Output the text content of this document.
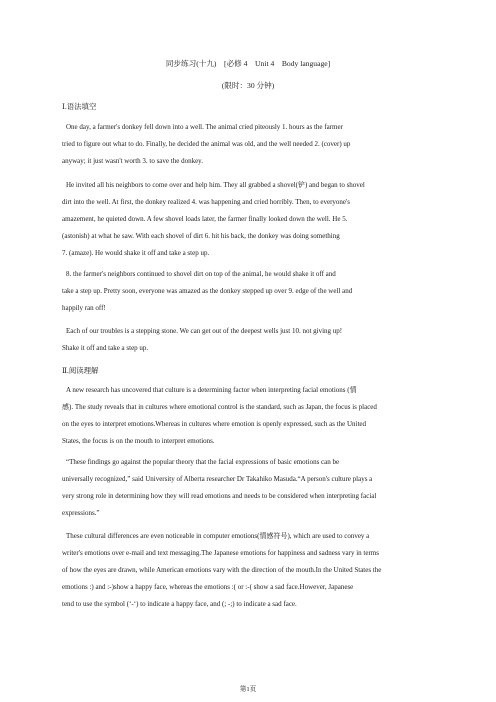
同步练习(十九)　[必修 4　Unit 4　Body language]
(限时：30 分钟)
Ⅰ.语法填空
One day, a farmer's donkey fell down into a well. The animal cried piteously 1. hours as the farmer
tried to figure out what to do. Finally, he decided the animal was old, and the well needed 2. (cover) up
anyway; it just wasn't worth 3. to save the donkey.
He invited all his neighbors to come over and help him. They all grabbed a shovel(铲) and began to shovel
dirt into the well. At first, the donkey realized 4. was happening and cried horribly. Then, to everyone's
amazement, he quieted down. A few shovel loads later, the farmer finally looked down the well. He 5.
(astonish) at what he saw. With each shovel of dirt 6. hit his back, the donkey was doing something
7. (amaze). He would shake it off and take a step up.
8. the farmer's neighbors continued to shovel dirt on top of the animal, he would shake it off and
take a step up. Pretty soon, everyone was amazed as the donkey stepped up over 9. edge of the well and
happily ran off!
Each of our troubles is a stepping stone. We can get out of the deepest wells just 10. not giving up!
Shake it off and take a step up.
Ⅱ.阅读理解
A new research has uncovered that culture is a determining factor when interpreting facial emotions (情
感). The study reveals that in cultures where emotional control is the standard, such as Japan, the focus is placed
on the eyes to interpret emotions.Whereas in cultures where emotion is openly expressed, such as the United
States, the focus is on the mouth to interpret emotions.
“These findings go against the popular theory that the facial expressions of basic emotions can be
universally recognized,” said University of Alberta researcher Dr Takahiko Masuda.“A person's culture plays a
very strong role in determining how they will read emotions and needs to be considered when interpreting facial
expressions.”
These cultural differences are even noticeable in computer emotions(情感符号), which are used to convey a
writer's emotions over e-mail and text messaging.The Japanese emotions for happiness and sadness vary in terms
of how the eyes are drawn, while American emotions vary with the direction of the mouth.In the United States the
emotions :) and :-)show a happy face, whereas the emotions :( or :-( show a sad face.However, Japanese
tend to use the symbol (‘-‘) to indicate a happy face, and (; -;) to indicate a sad face.
第1页
